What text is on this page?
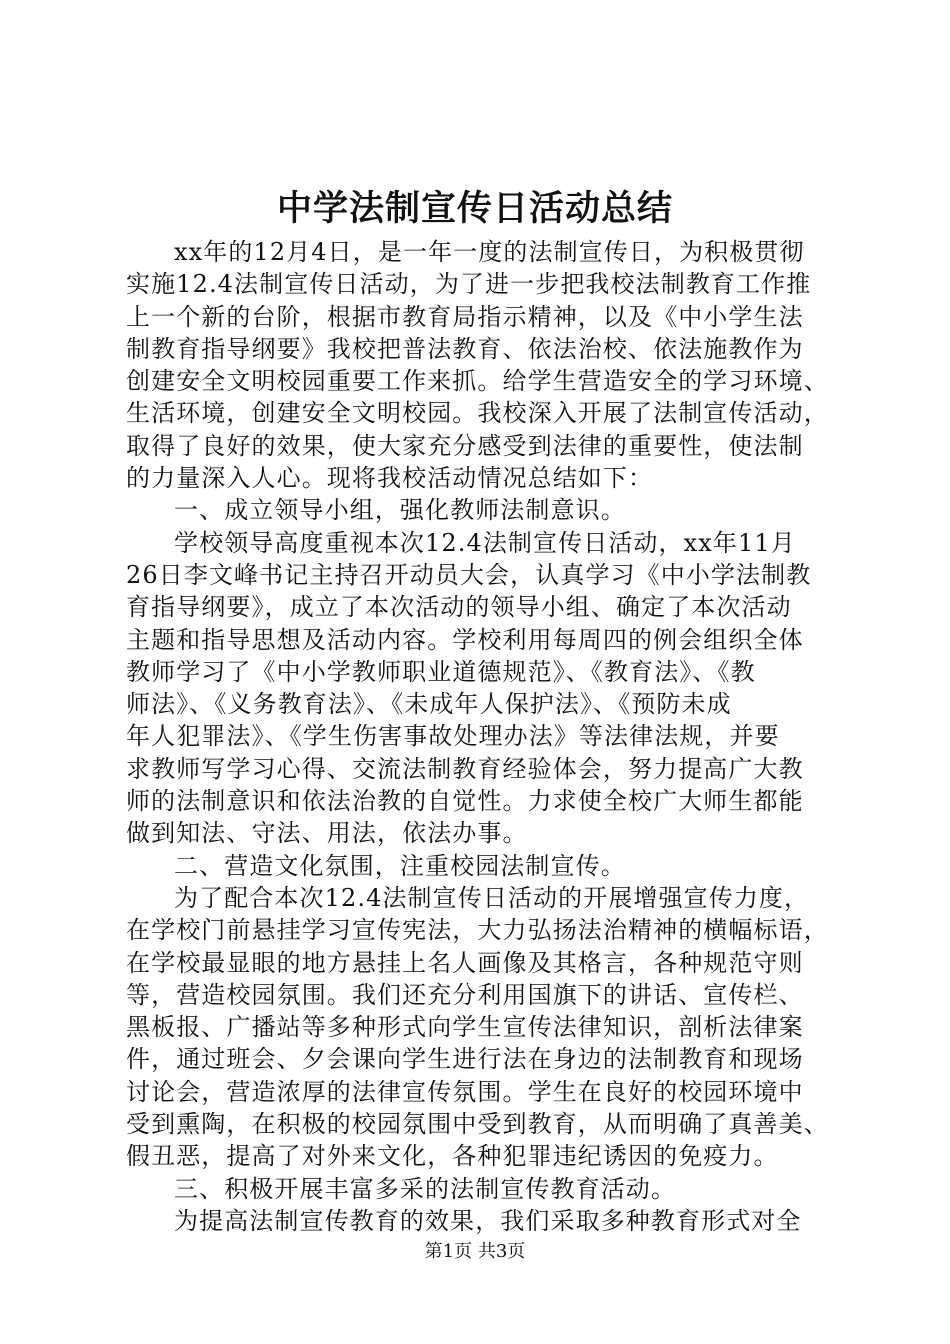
中学法制宣传日活动总结

xx年的12月4日，是一年一度的法制宣传日，为积极贯彻
实施12.4法制宣传日活动，为了进一步把我校法制教育工作推
上一个新的台阶，根据市教育局指示精神，以及《中小学生法
制教育指导纲要》我校把普法教育、依法治校、依法施教作为
创建安全文明校园重要工作来抓。给学生营造安全的学习环境、
生活环境，创建安全文明校园。我校深入开展了法制宣传活动，
取得了良好的效果，使大家充分感受到法律的重要性，使法制
的力量深入人心。现将我校活动情况总结如下：

一、成立领导小组，强化教师法制意识。

学校领导高度重视本次12.4法制宣传日活动，xx年11月
26日李文峰书记主持召开动员大会，认真学习《中小学法制教
育指导纲要》，成立了本次活动的领导小组、确定了本次活动
主题和指导思想及活动内容。学校利用每周四的例会组织全体
教师学习了《中小学教师职业道德规范》、《教育法》、《教
师法》、《义务教育法》、《未成年人保护法》、《预防未成
年人犯罪法》、《学生伤害事故处理办法》等法律法规，并要
求教师写学习心得、交流法制教育经验体会，努力提高广大教
师的法制意识和依法治教的自觉性。力求使全校广大师生都能
做到知法、守法、用法，依法办事。

二、营造文化氛围，注重校园法制宣传。

为了配合本次12.4法制宣传日活动的开展增强宣传力度，
在学校门前悬挂学习宣传宪法，大力弘扬法治精神的横幅标语，
在学校最显眼的地方悬挂上名人画像及其格言，各种规范守则
等，营造校园氛围。我们还充分利用国旗下的讲话、宣传栏、
黑板报、广播站等多种形式向学生宣传法律知识，剖析法律案
件，通过班会、夕会课向学生进行法在身边的法制教育和现场
讨论会，营造浓厚的法律宣传氛围。学生在良好的校园环境中
受到熏陶，在积极的校园氛围中受到教育，从而明确了真善美、
假丑恶，提高了对外来文化，各种犯罪违纪诱因的免疫力。

三、积极开展丰富多采的法制宣传教育活动。

为提高法制宣传教育的效果，我们采取多种教育形式对全

第1页 共3页
